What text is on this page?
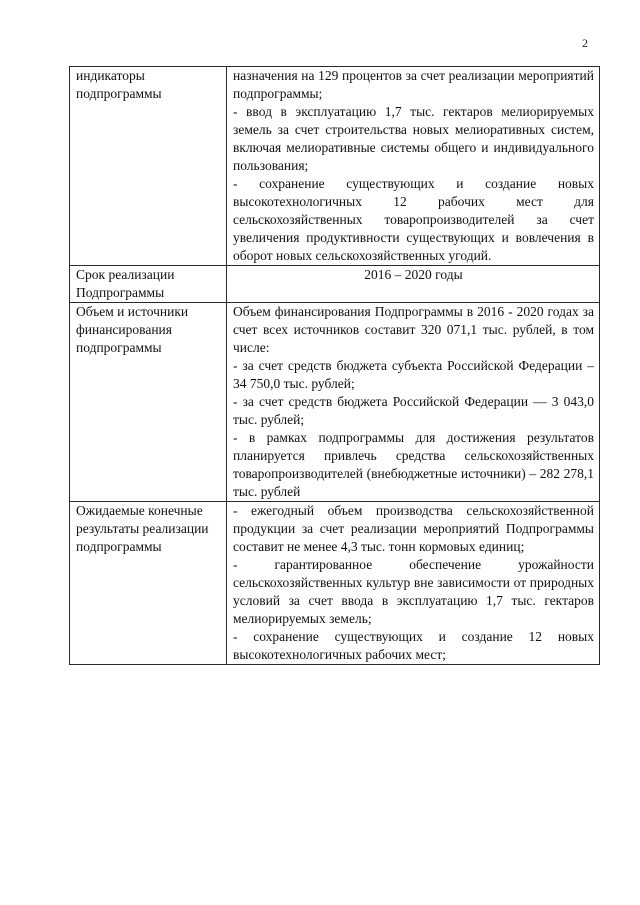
2
индикаторы подпрограммы	назначения на 129 процентов за счет реализации мероприятий подпрограммы;

- ввод в эксплуатацию 1,7 тыс. гектаров мелиорируемых земель за счет строительства новых мелиоративных систем, включая мелиоративные системы общего и индивидуального пользования;

- сохранение существующих и создание новых высокотехнологичных 12 рабочих мест для сельскохозяйственных товаропроизводителей за счет увеличения продуктивности существующих и вовлечения в оборот новых сельскохозяйственных угодий.

Срок реализации Подпрограммы	2016 – 2020 годы
Объем и источники финансирования подпрограммы	Объем финансирования Подпрограммы в 2016 - 2020 годах за счет всех источников составит 320 071,1 тыс. рублей, в том числе:

- за счет средств бюджета субъекта Российской Федерации – 34 750,0 тыс. рублей;

- за счет средств бюджета Российской Федерации — 3 043,0 тыс. рублей;

- в рамках подпрограммы для достижения результатов планируется привлечь средства сельскохозяйственных товаропроизводителей (внебюджетные источники) – 282 278,1 тыс. рублей

Ожидаемые конечные результаты реализации подпрограммы	- ежегодный объем производства сельскохозяйственной продукции за счет реализации мероприятий Подпрограммы составит не менее 4,3 тыс. тонн кормовых единиц;

- гарантированное обеспечение урожайности сельскохозяйственных культур вне зависимости от природных условий за счет ввода в эксплуатацию 1,7 тыс. гектаров мелиорируемых земель;

- сохранение существующих и создание 12 новых высокотехнологичных рабочих мест;
